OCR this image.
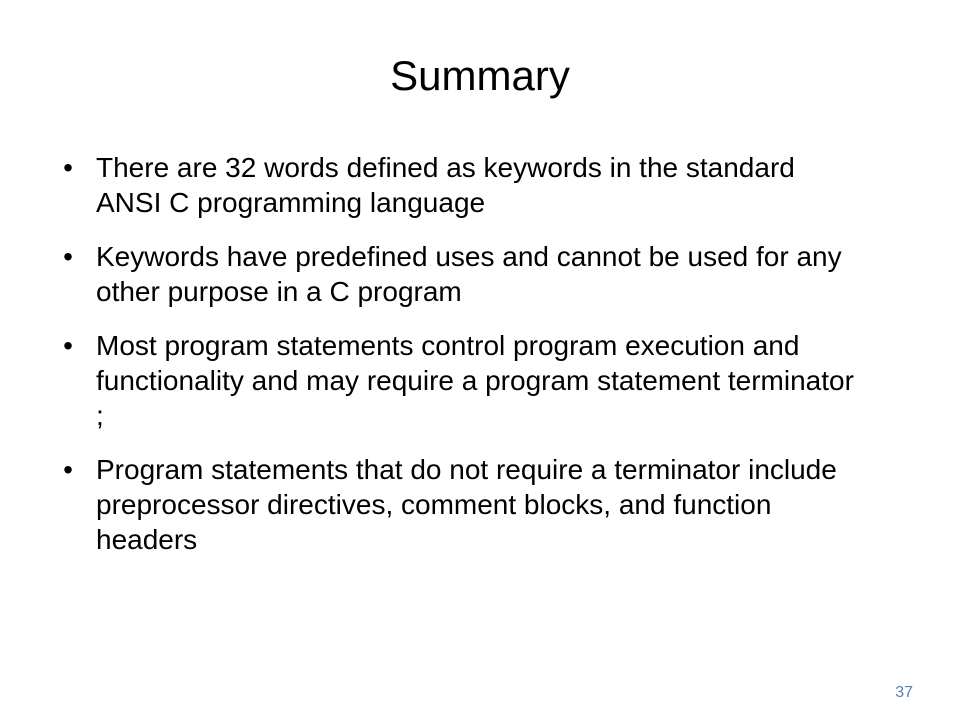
Summary
• There are 32 words defined as keywords in the standard ANSI C programming language
• Keywords have predefined uses and cannot be used for any other purpose in a C program
• Most program statements control program execution and functionality and may require a program statement terminator ;
• Program statements that do not require a terminator include preprocessor directives, comment blocks, and function headers
37
